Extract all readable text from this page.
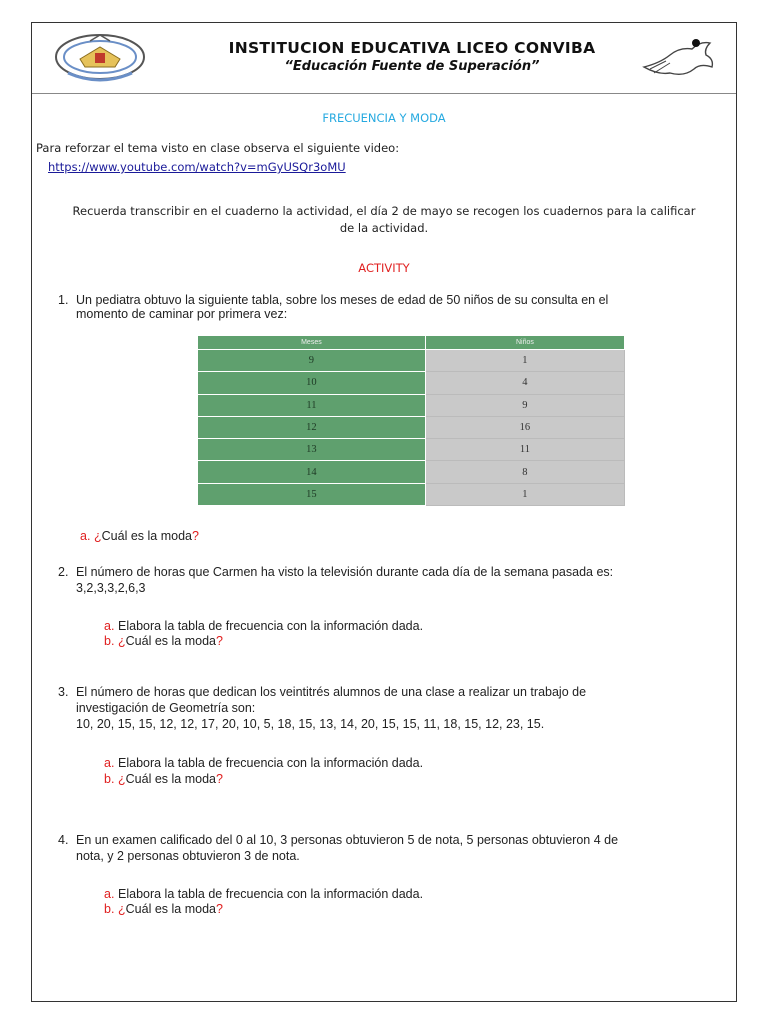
INSTITUCION EDUCATIVA LICEO CONVIBA
“Educación Fuente de Superación”
FRECUENCIA Y MODA
Para reforzar el tema visto en clase observa el siguiente video:
https://www.youtube.com/watch?v=mGyUSQr3oMU
Recuerda transcribir en el cuaderno la actividad, el día 2 de mayo se recogen los cuadernos para la calificar
de la actividad.
ACTIVITY
1. Un pediatra obtuvo la siguiente tabla, sobre los meses de edad de 50 niños de su consulta en el
momento de caminar por primera vez:
Meses	Niños
9	1
10	4
11	9
12	16
13	11
14	8
15	1
a. ¿Cuál es la moda?
2. El número de horas que Carmen ha visto la televisión durante cada día de la semana pasada es:
3,2,3,3,2,6,3
a. Elabora la tabla de frecuencia con la información dada.
b. ¿Cuál es la moda?
3. El número de horas que dedican los veintitrés alumnos de una clase a realizar un trabajo de
investigación de Geometría son:
10, 20, 15, 15, 12, 12, 17, 20, 10, 5, 18, 15, 13, 14, 20, 15, 15, 11, 18, 15, 12, 23, 15.
a. Elabora la tabla de frecuencia con la información dada.
b. ¿Cuál es la moda?
4. En un examen calificado del 0 al 10, 3 personas obtuvieron 5 de nota, 5 personas obtuvieron 4 de
nota, y 2 personas obtuvieron 3 de nota.
a. Elabora la tabla de frecuencia con la información dada.
b. ¿Cuál es la moda?
